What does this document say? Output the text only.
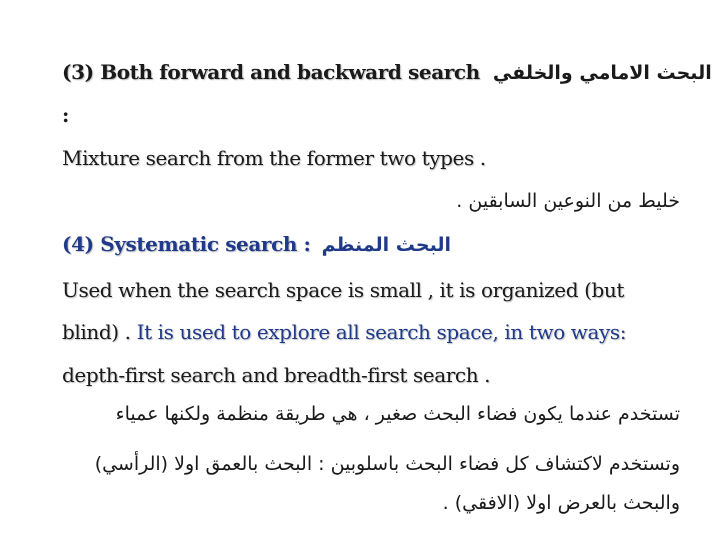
(3) Both forward and backward search البحث الامامي والخلفي
:
Mixture search from the former two types .
خليط من النوعين السابقين .
(4) Systematic search : البحث المنظم
Used when the search space is small , it is organized (but
blind) . It is used to explore all search space, in two ways:
depth-first search and breadth-first search .
تستخدم عندما يكون فضاء البحث صغير ، هي طريقة منظمة ولكنها عمياء
وتستخدم لاكتشاف كل فضاء البحث باسلوبين : البحث بالعمق اولا (الرأسي)
والبحث بالعرض اولا (الافقي) .
